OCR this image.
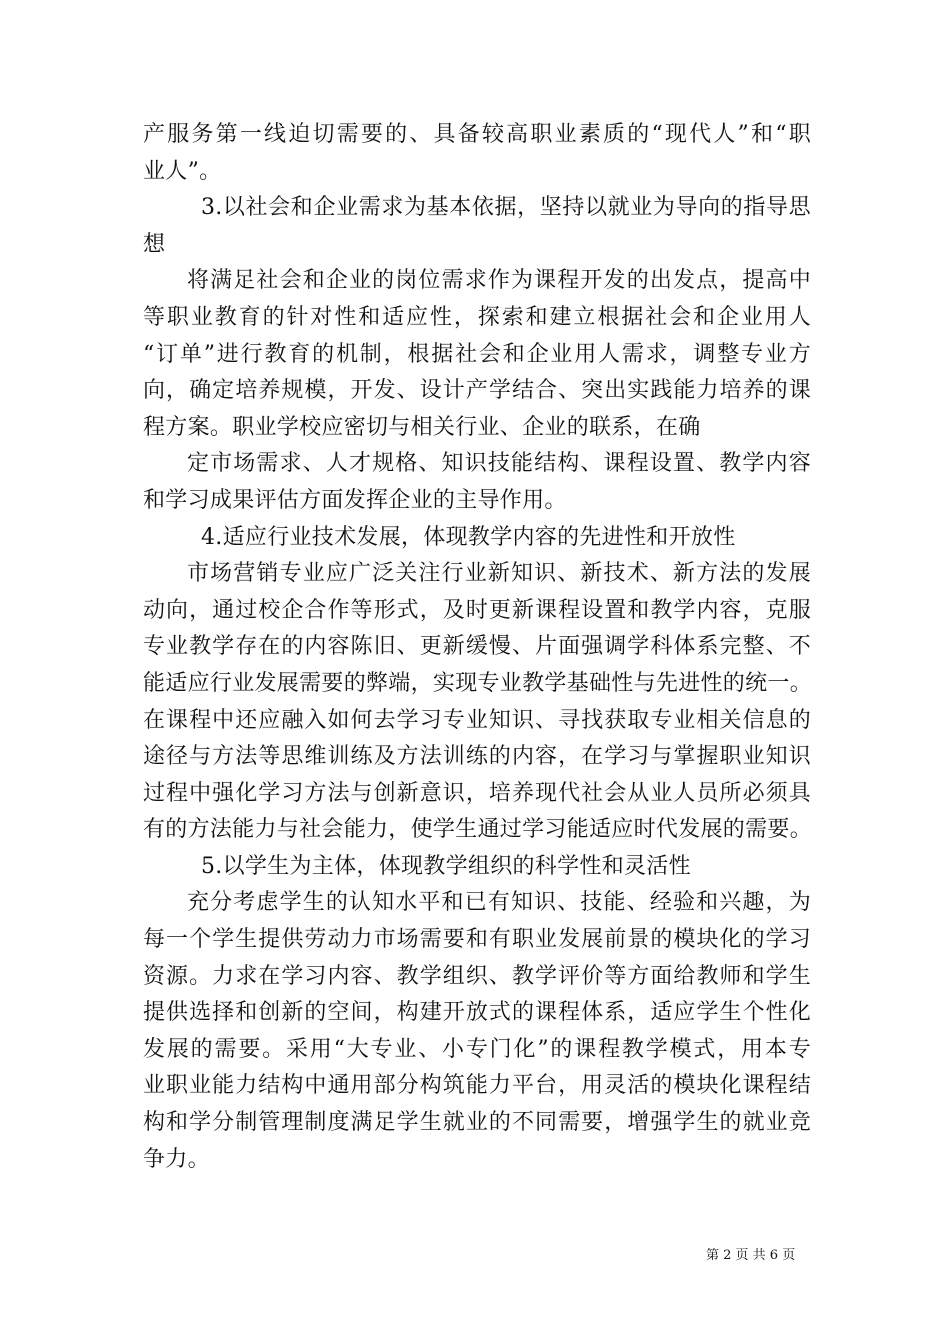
产服务第一线迫切需要的、具备较高职业素质的“现代人”和“职
业人”。
3.以社会和企业需求为基本依据，坚持以就业为导向的指导思
想
将满足社会和企业的岗位需求作为课程开发的出发点，提高中
等职业教育的针对性和适应性，探索和建立根据社会和企业用人
“订单”进行教育的机制，根据社会和企业用人需求，调整专业方
向，确定培养规模，开发、设计产学结合、突出实践能力培养的课
程方案。职业学校应密切与相关行业、企业的联系，在确
定市场需求、人才规格、知识技能结构、课程设置、教学内容
和学习成果评估方面发挥企业的主导作用。
4.适应行业技术发展，体现教学内容的先进性和开放性
市场营销专业应广泛关注行业新知识、新技术、新方法的发展
动向，通过校企合作等形式，及时更新课程设置和教学内容，克服
专业教学存在的内容陈旧、更新缓慢、片面强调学科体系完整、不
能适应行业发展需要的弊端，实现专业教学基础性与先进性的统一。
在课程中还应融入如何去学习专业知识、寻找获取专业相关信息的
途径与方法等思维训练及方法训练的内容，在学习与掌握职业知识
过程中强化学习方法与创新意识，培养现代社会从业人员所必须具
有的方法能力与社会能力，使学生通过学习能适应时代发展的需要。
5.以学生为主体，体现教学组织的科学性和灵活性
充分考虑学生的认知水平和已有知识、技能、经验和兴趣，为
每一个学生提供劳动力市场需要和有职业发展前景的模块化的学习
资源。力求在学习内容、教学组织、教学评价等方面给教师和学生
提供选择和创新的空间，构建开放式的课程体系，适应学生个性化
发展的需要。采用“大专业、小专门化”的课程教学模式，用本专
业职业能力结构中通用部分构筑能力平台，用灵活的模块化课程结
构和学分制管理制度满足学生就业的不同需要，增强学生的就业竞
争力。
第 2 页 共 6 页
